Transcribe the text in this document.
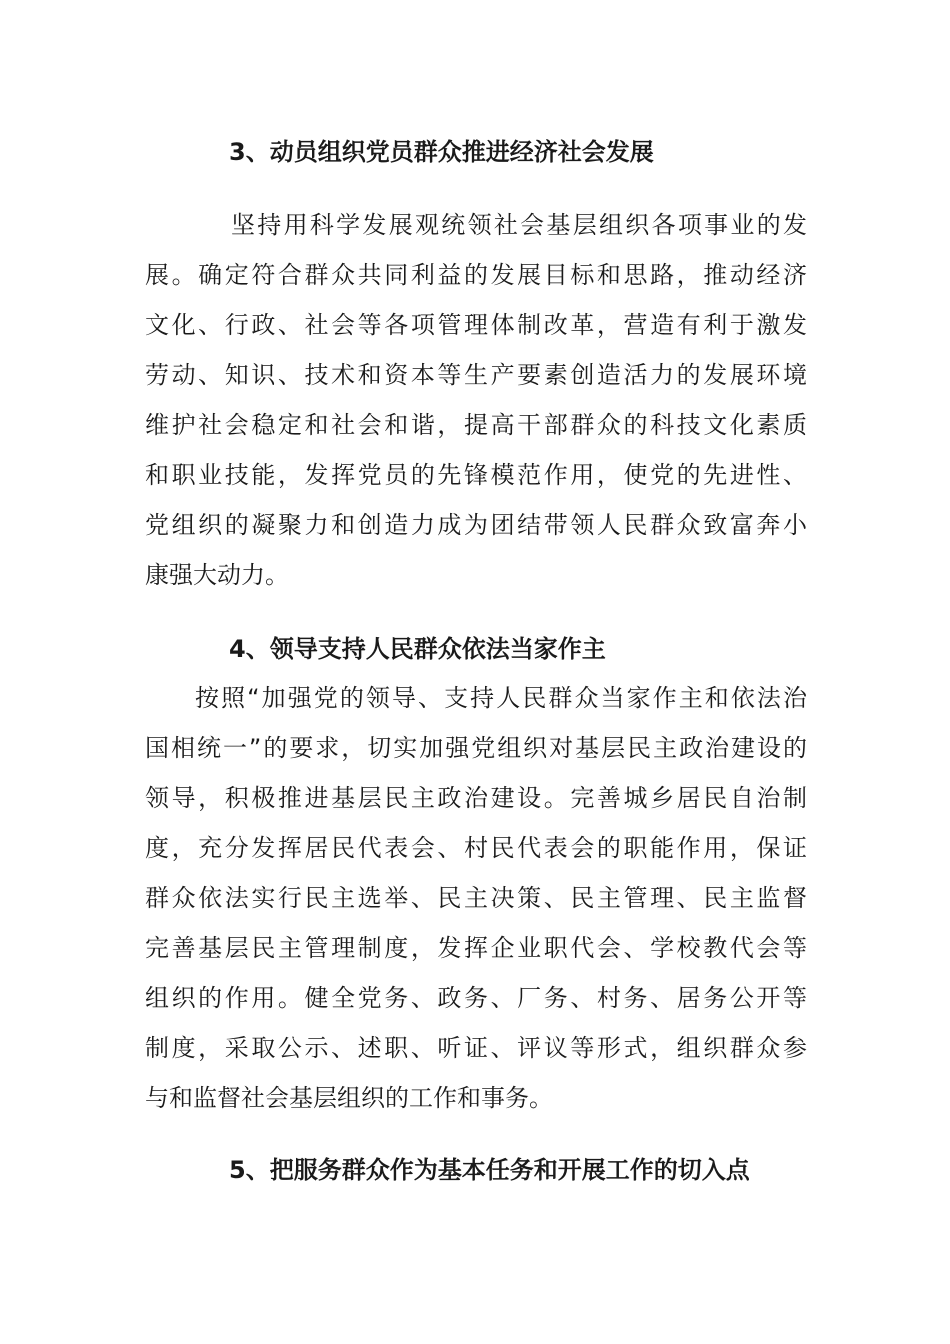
3、动员组织党员群众推进经济社会发展
坚持用科学发展观统领社会基层组织各项事业的发
展。确定符合群众共同利益的发展目标和思路，推动经济
文化、行政、社会等各项管理体制改革，营造有利于激发
劳动、知识、技术和资本等生产要素创造活力的发展环境
维护社会稳定和社会和谐，提高干部群众的科技文化素质
和职业技能，发挥党员的先锋模范作用，使党的先进性、
党组织的凝聚力和创造力成为团结带领人民群众致富奔小
康强大动力。
4、领导支持人民群众依法当家作主
按照“加强党的领导、支持人民群众当家作主和依法治
国相统一”的要求，切实加强党组织对基层民主政治建设的
领导，积极推进基层民主政治建设。完善城乡居民自治制
度，充分发挥居民代表会、村民代表会的职能作用，保证
群众依法实行民主选举、民主决策、民主管理、民主监督
完善基层民主管理制度，发挥企业职代会、学校教代会等
组织的作用。健全党务、政务、厂务、村务、居务公开等
制度，采取公示、述职、听证、评议等形式，组织群众参
与和监督社会基层组织的工作和事务。
5、把服务群众作为基本任务和开展工作的切入点
